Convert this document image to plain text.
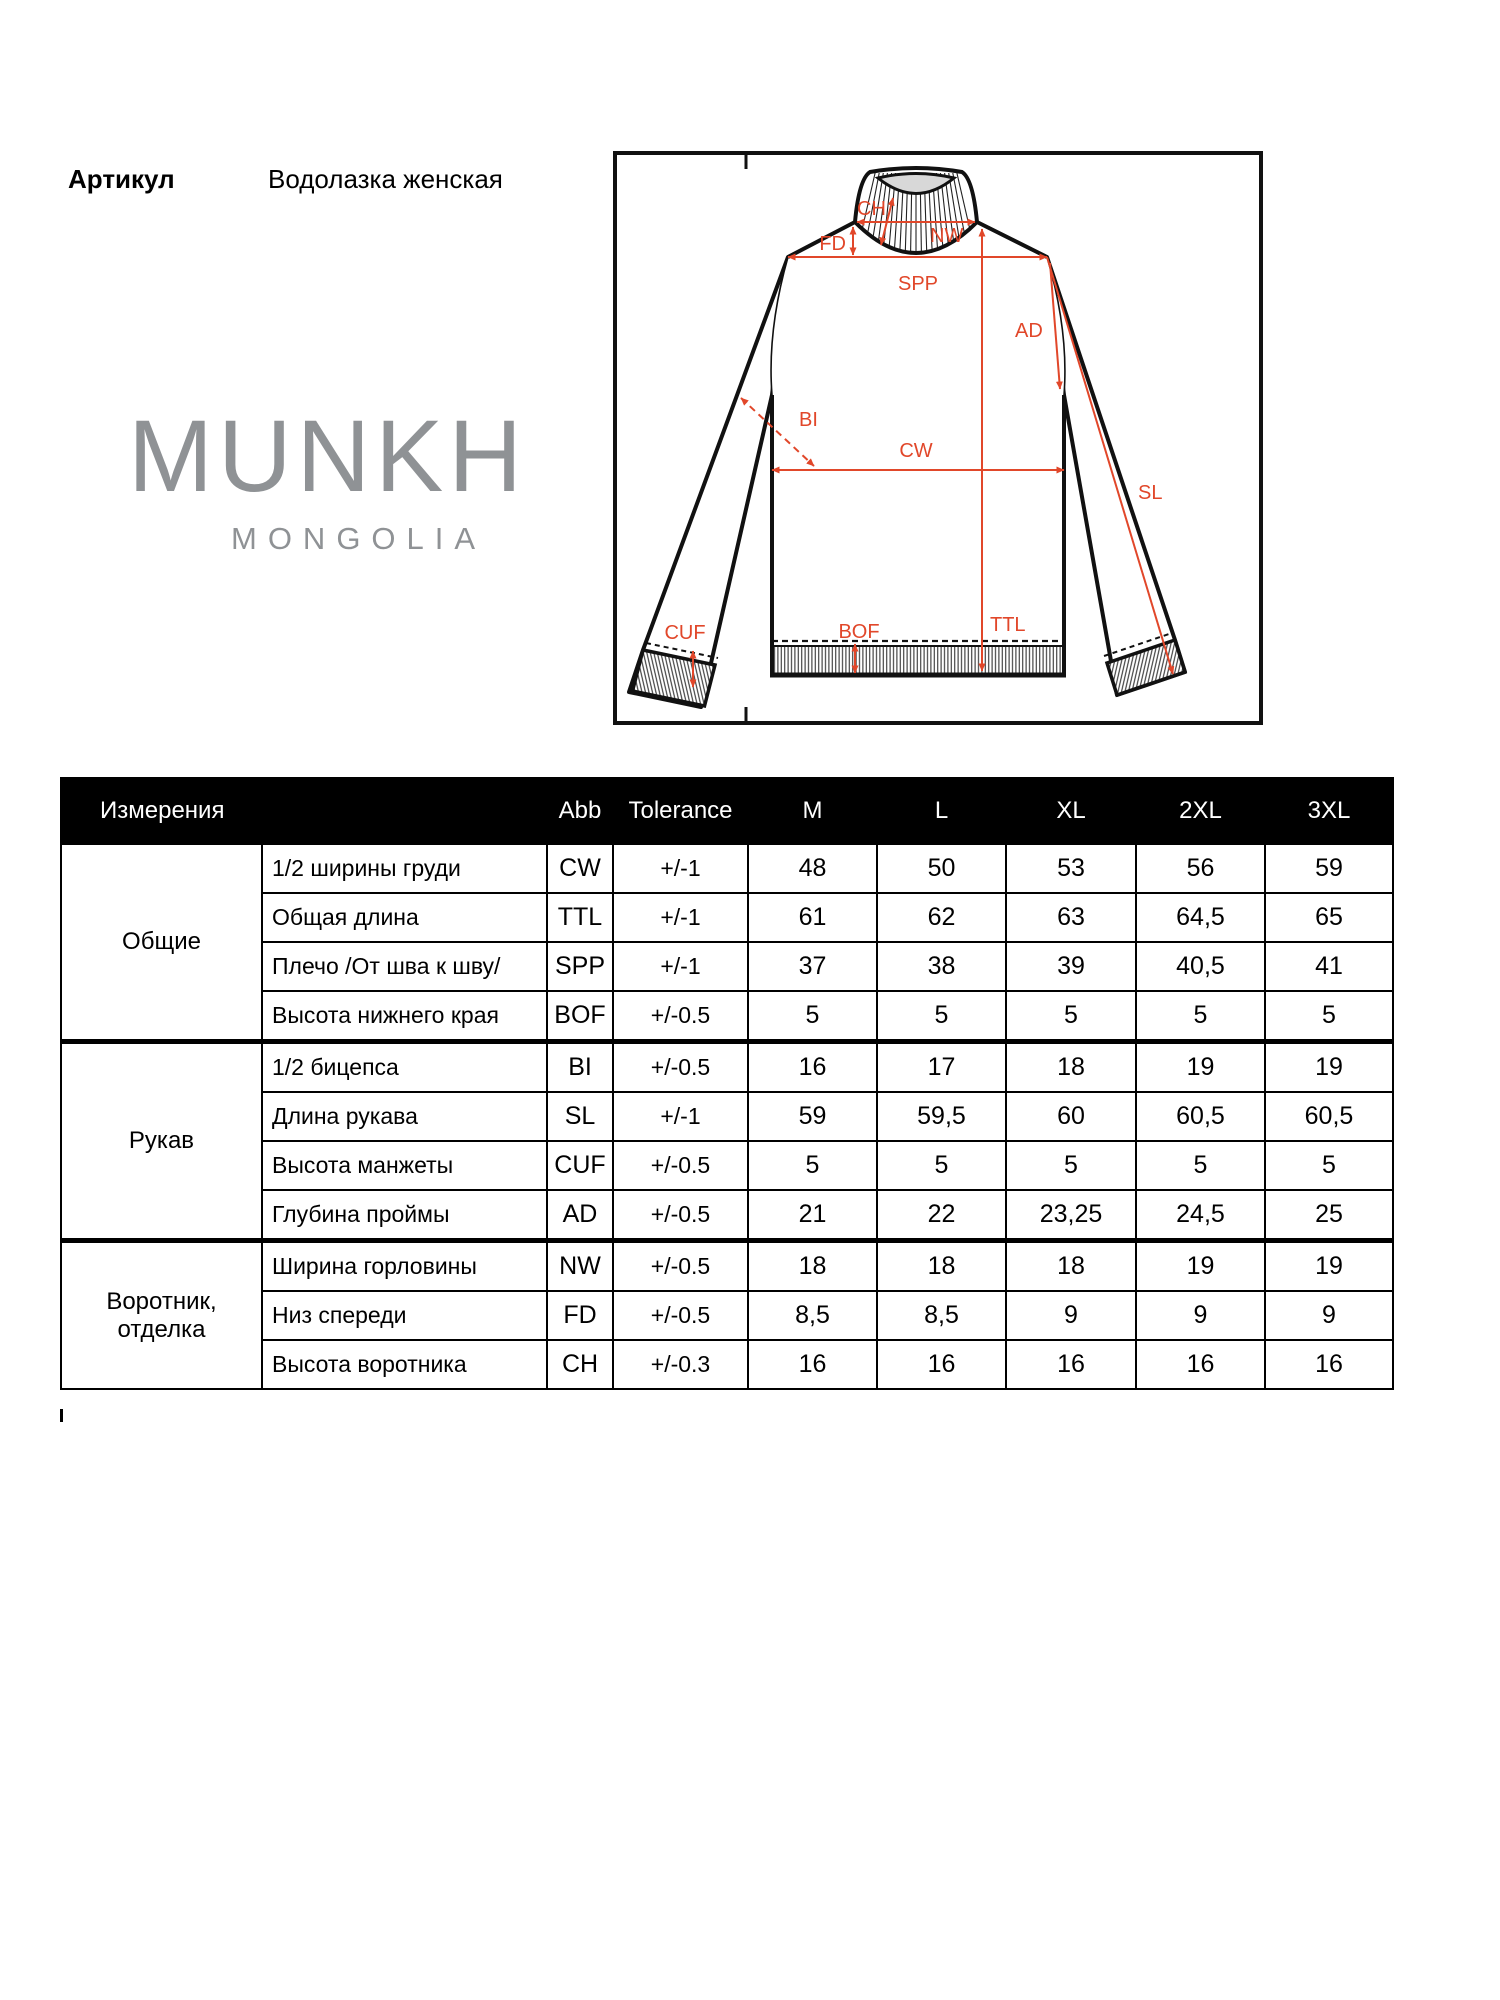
Артикул	Водолазка женская
MUNKH
MONGOLIA
CH
NW
FD
SPP
AD
BI
CW
SL
TTL
BOF
CUF
Измерения		Abb	Tolerance	M	L	XL	2XL	3XL
Общие	1/2 ширины груди	CW	+/-1	48	50	53	56	59
	Общая длина	TTL	+/-1	61	62	63	64,5	65
	Плечо /От шва к шву/	SPP	+/-1	37	38	39	40,5	41
	Высота нижнего края	BOF	+/-0.5	5	5	5	5	5
Рукав	1/2 бицепса	BI	+/-0.5	16	17	18	19	19
	Длина рукава	SL	+/-1	59	59,5	60	60,5	60,5
	Высота манжеты	CUF	+/-0.5	5	5	5	5	5
	Глубина проймы	AD	+/-0.5	21	22	23,25	24,5	25
Воротник,
отделка	Ширина горловины	NW	+/-0.5	18	18	18	19	19
	Низ спереди	FD	+/-0.5	8,5	8,5	9	9	9
	Высота воротника	CH	+/-0.3	16	16	16	16	16
